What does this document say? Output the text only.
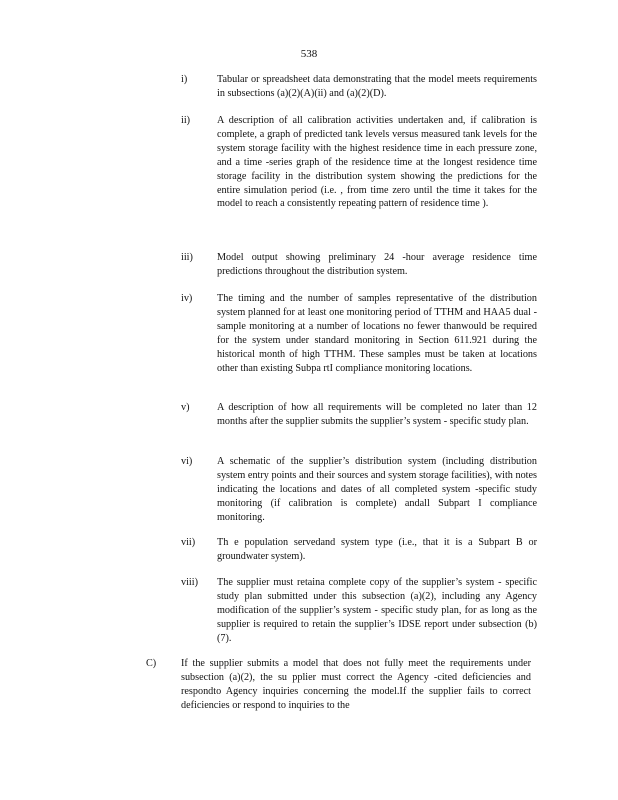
538
i)	Tabular or spreadsheet data demonstrating that the model meets requirements in subsections (a)(2)(A)(ii) and (a)(2)(D).
ii)	A description of all calibration activities undertaken and, if calibration is complete, a graph of predicted tank levels versus measured tank levels for the system storage facility with the highest residence time in each pressure zone, and a time -series graph of the residence time at the longest residence time storage facility in the distribution system showing the predictions for the entire simulation period (i.e. , from time zero until the time it takes for the model to reach a consistently repeating pattern of residence time ).
iii) Model output showing preliminary 24 -hour average residence time predictions throughout the distribution system.
iv) The timing and the number of samples representative of the distribution system planned for at least one monitoring period of TTHM and HAA5 dual -sample monitoring at a number of locations no fewer thanwould be required for the system under standard monitoring in Section 611.921 during the historical month of high TTHM. These samples must be taken at locations other than existing Subpa rtI compliance monitoring locations.
v)	A description of how all requirements will be completed no later than 12 months after the supplier submits the supplier’s system - specific study plan.
vi) A schematic of the supplier’s distribution system (including distribution system entry points and their sources and system storage facilities), with notes indicating the locations and dates of all completed system -specific study monitoring (if calibration is complete) andall Subpart I compliance monitoring.
vii) Th e population servedand system type (i.e., that it is a Subpart B or groundwater system).
viii) The supplier must retaina complete copy of the supplier’s system - specific study plan submitted under this subsection (a)(2), including any Agency modification of the supplier’s system - specific study plan, for as long as the supplier is required to retain the supplier’s IDSE report under subsection (b)(7).
C) If the supplier submits a model that does not fully meet the requirements under subsection (a)(2), the su pplier must correct the Agency -cited deficiencies and respondto Agency inquiries concerning the model.If the supplier fails to correct deficiencies or respond to inquiries to the
